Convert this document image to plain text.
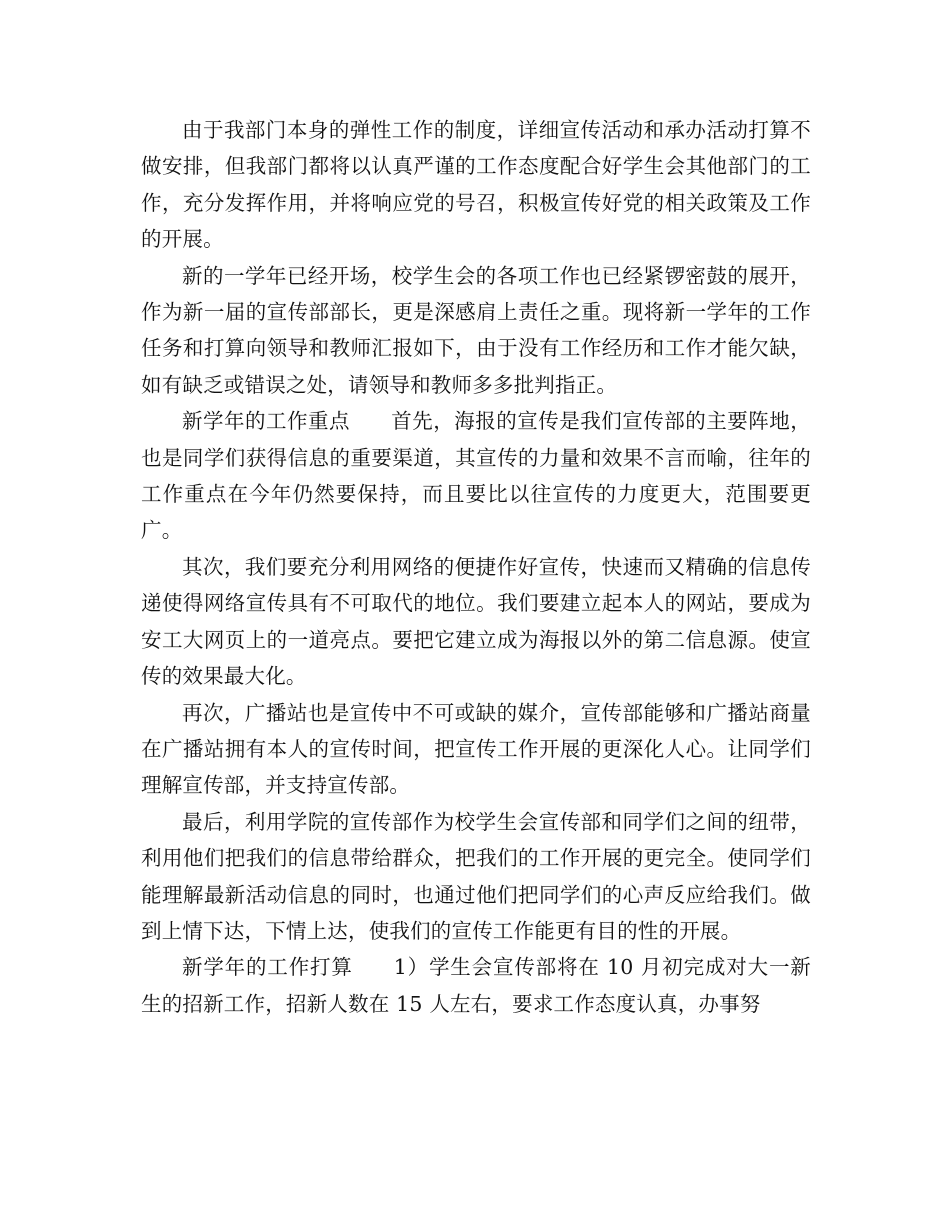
由于我部门本身的弹性工作的制度，详细宣传活动和承办活动打算不做安排，但我部门都将以认真严谨的工作态度配合好学生会其他部门的工作，充分发挥作用，并将响应党的号召，积极宣传好党的相关政策及工作的开展。

新的一学年已经开场，校学生会的各项工作也已经紧锣密鼓的展开，作为新一届的宣传部部长，更是深感肩上责任之重。现将新一学年的工作任务和打算向领导和教师汇报如下，由于没有工作经历和工作才能欠缺，如有缺乏或错误之处，请领导和教师多多批判指正。

新学年的工作重点 首先，海报的宣传是我们宣传部的主要阵地，也是同学们获得信息的重要渠道，其宣传的力量和效果不言而喻，往年的工作重点在今年仍然要保持，而且要比以往宣传的力度更大，范围要更广。

其次，我们要充分利用网络的便捷作好宣传，快速而又精确的信息传递使得网络宣传具有不可取代的地位。我们要建立起本人的网站，要成为安工大网页上的一道亮点。要把它建立成为海报以外的第二信息源。使宣传的效果最大化。

再次，广播站也是宣传中不可或缺的媒介，宣传部能够和广播站商量在广播站拥有本人的宣传时间，把宣传工作开展的更深化人心。让同学们理解宣传部，并支持宣传部。

最后，利用学院的宣传部作为校学生会宣传部和同学们之间的纽带，利用他们把我们的信息带给群众，把我们的工作开展的更完全。使同学们能理解最新活动信息的同时，也通过他们把同学们的心声反应给我们。做到上情下达，下情上达，使我们的宣传工作能更有目的性的开展。

新学年的工作打算 1）学生会宣传部将在 10 月初完成对大一新生的招新工作，招新人数在 15 人左右，要求工作态度认真，办事努
